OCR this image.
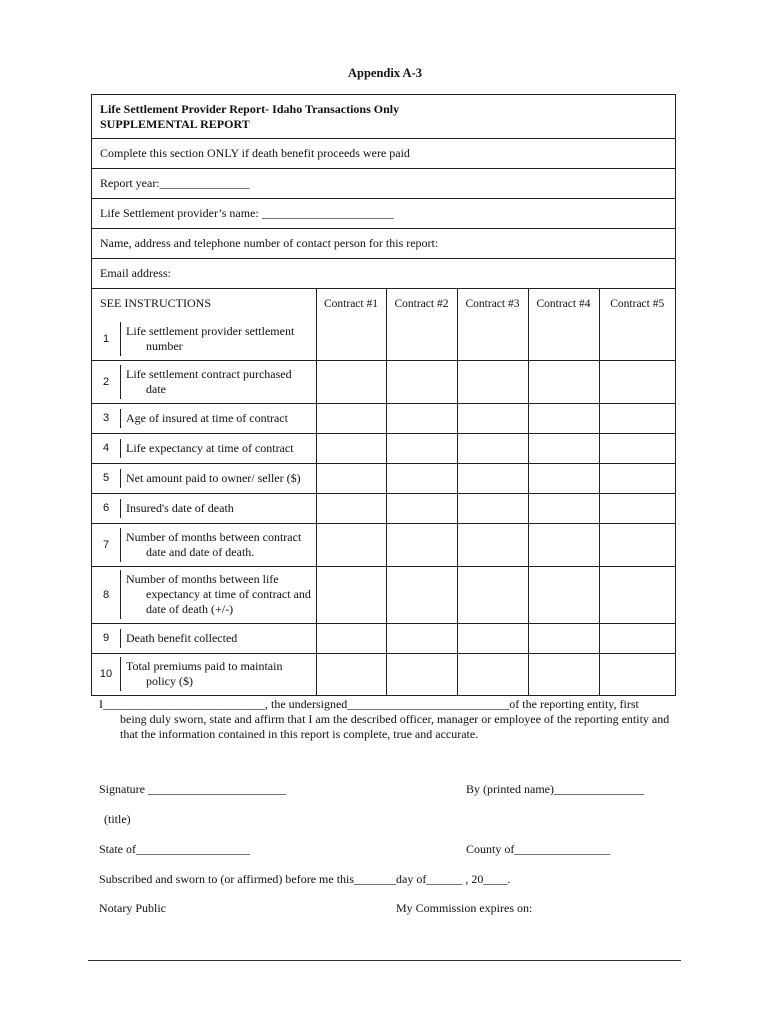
Appendix A-3
Life Settlement Provider Report- Idaho Transactions Only
SUPPLEMENTAL REPORT
Complete this section ONLY if death benefit proceeds were paid
Report year:_______________
Life Settlement provider’s name: ______________________
Name, address and telephone number of contact person for this report:
Email address:
SEE INSTRUCTIONS	Contract #1	Contract #2	Contract #3	Contract #4	Contract #5

1
Life settlement provider settlement
number					

2
Life settlement contract purchased
date					

3 Age of insured at time of contract					

4 Life expectancy at time of contract					

5 Net amount paid to owner/ seller ($)					

6 Insured's date of death					

7
Number of months between contract
date and date of death.					

8
Number of months between life
expectancy at time of contract and
date of death (+/-)					

9 Death benefit collected					

10
Total premiums paid to maintain
policy ($)					

I___________________________, the undersigned___________________________of the reporting entity, first
being duly sworn, state and affirm that I am the described officer, manager or employee of the reporting entity and that the information contained in this report is complete, true and accurate.
Signature _______________________	By (printed name)_______________
(title)
State of___________________	County of________________
Subscribed and sworn to (or affirmed) before me this_______day of______ , 20____.
Notary Public	My Commission expires on:
